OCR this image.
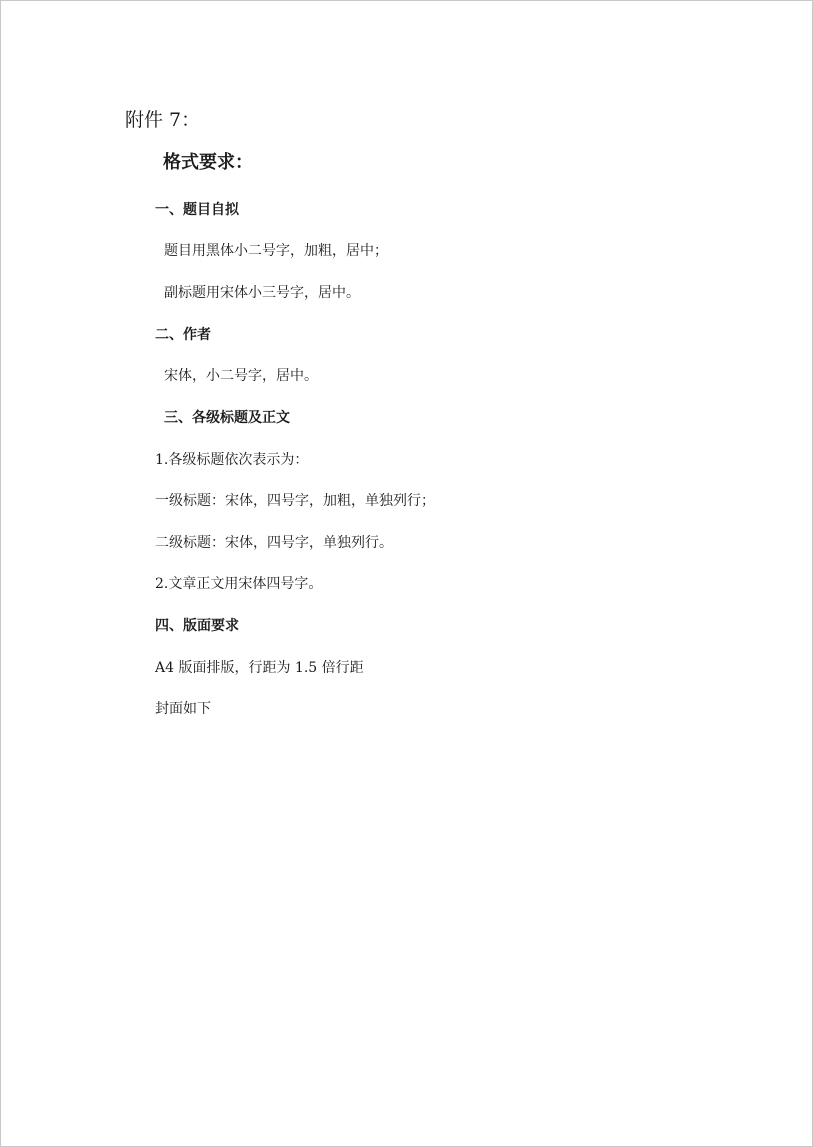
附件 7：
格式要求：
一、题目自拟
题目用黑体小二号字，加粗，居中；
副标题用宋体小三号字，居中。
二、作者
宋体，小二号字，居中。
三、各级标题及正文
1.各级标题依次表示为：
一级标题：宋体，四号字，加粗，单独列行；
二级标题：宋体，四号字，单独列行。
2.文章正文用宋体四号字。
四、版面要求
A4 版面排版，行距为 1.5 倍行距
封面如下
